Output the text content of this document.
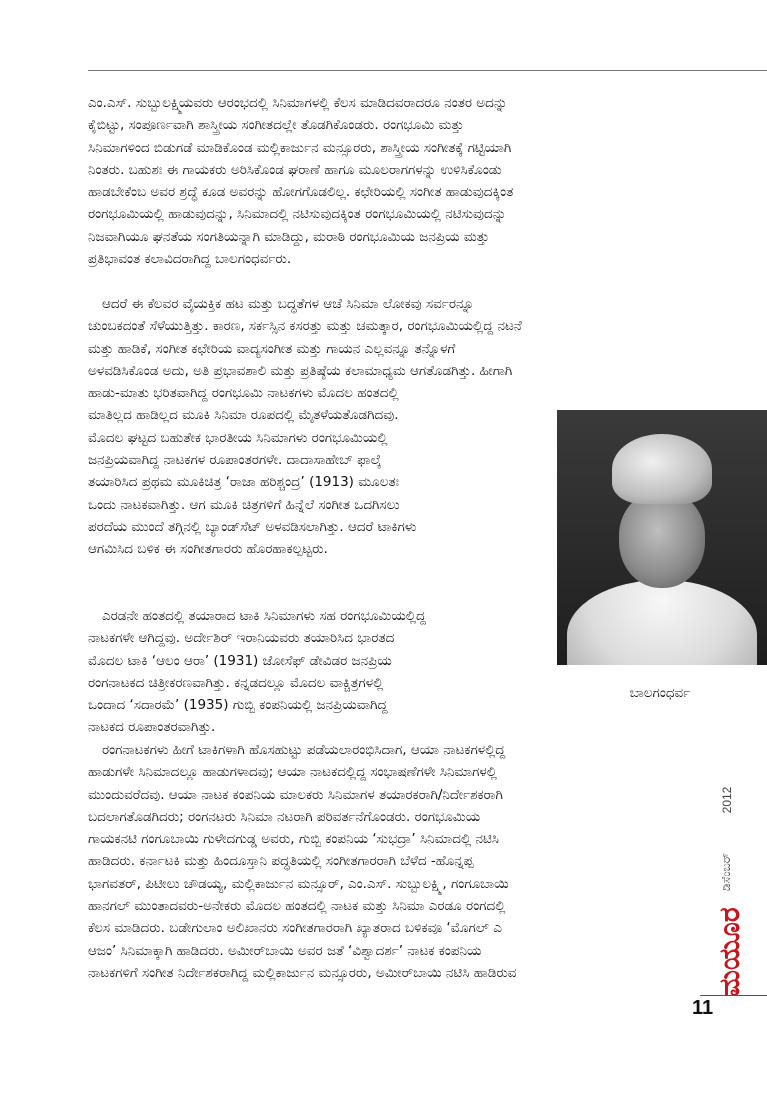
ಎಂ.ಎಸ್. ಸುಬ್ಬುಲಕ್ಷ್ಮಿಯವರು ಆರಂಭದಲ್ಲಿ ಸಿನಿಮಾಗಳಲ್ಲಿ ಕೆಲಸ ಮಾಡಿದವರಾದರೂ ನಂತರ ಅದನ್ನು
ಕೈಬಿಟ್ಟು, ಸಂಪೂರ್ಣವಾಗಿ ಶಾಸ್ತ್ರೀಯ ಸಂಗೀತದಲ್ಲೇ ತೊಡಗಿಕೊಂಡರು. ರಂಗಭೂಮಿ ಮತ್ತು
ಸಿನಿಮಾಗಳಿಂದ ಬಿಡುಗಡೆ ಮಾಡಿಕೊಂಡ ಮಲ್ಲಿಕಾರ್ಜುನ ಮನ್ಸೂರರು, ಶಾಸ್ತ್ರೀಯ ಸಂಗೀತಕ್ಕೆ ಗಟ್ಟಿಯಾಗಿ
ನಿಂತರು. ಬಹುಶಃ ಈ ಗಾಯಕರು ಅರಿಸಿಕೊಂಡ ಘರಾಣೆ ಹಾಗೂ ಮೂಲರಾಗಗಳನ್ನು ಉಳಿಸಿಕೊಂಡು
ಹಾಡಬೇಕೆಂಬ ಅವರ ಶ್ರದ್ಧೆ ಕೂಡ ಅವರನ್ನು ಹೋಗಗೊಡಲಿಲ್ಲ. ಕಛೇರಿಯಲ್ಲಿ ಸಂಗೀತ ಹಾಡುವುದಕ್ಕಿಂತ
ರಂಗಭೂಮಿಯಲ್ಲಿ ಹಾಡುವುದನ್ನು, ಸಿನಿಮಾದಲ್ಲಿ ನಟಿಸುವುದಕ್ಕಿಂತ ರಂಗಭೂಮಿಯಲ್ಲಿ ನಟಿಸುವುದನ್ನು
ನಿಜವಾಗಿಯೂ ಘನತೆಯ ಸಂಗತಿಯನ್ನಾಗಿ ಮಾಡಿದ್ದು, ಮರಾಠಿ ರಂಗಭೂಮಿಯ ಜನಪ್ರಿಯ ಮತ್ತು
ಪ್ರತಿಭಾವಂತ ಕಲಾವಿದರಾಗಿದ್ದ ಬಾಲಗಂಧರ್ವರು.
ಆದರೆ ಈ ಕೆಲವರ ವೈಯಕ್ತಿಕ ಹಟ ಮತ್ತು ಬದ್ಧತೆಗಳ ಆಚೆ ಸಿನಿಮಾ ಲೋಕವು ಸರ್ವರನ್ನೂ
ಚುಂಬಕದಂತೆ ಸೆಳೆಯುತ್ತಿತ್ತು. ಕಾರಣ, ಸರ್ಕಸ್ಸಿನ ಕಸರತ್ತು ಮತ್ತು ಚಮತ್ಕಾರ, ರಂಗಭೂಮಿಯಲ್ಲಿದ್ದ ನಟನೆ
ಮತ್ತು ಹಾಡಿಕೆ, ಸಂಗೀತ ಕಛೇರಿಯ ವಾದ್ಯಸಂಗೀತ ಮತ್ತು ಗಾಯನ ಎಲ್ಲವನ್ನೂ ತನ್ನೊಳಗೆ
ಅಳವಡಿಸಿಕೊಂಡ ಅದು, ಅತಿ ಪ್ರಭಾವಶಾಲಿ ಮತ್ತು ಪ್ರತಿಷ್ಠೆಯ ಕಲಾಮಾಧ್ಯಮ ಆಗತೊಡಗಿತ್ತು. ಹೀಗಾಗಿ
ಹಾಡು-ಮಾತು ಭರಿತವಾಗಿದ್ದ ರಂಗಭೂಮಿ ನಾಟಕಗಳು ಮೊದಲ ಹಂತದಲ್ಲಿ
ಮಾತಿಲ್ಲದ ಹಾಡಿಲ್ಲದ ಮೂಕಿ ಸಿನಿಮಾ ರೂಪದಲ್ಲಿ ಮೈತಳೆಯತೊಡಗಿದವು.
ಮೊದಲ ಘಟ್ಟದ ಬಹುತೇಕ ಭಾರತೀಯ ಸಿನಿಮಾಗಳು ರಂಗಭೂಮಿಯಲ್ಲಿ
ಜನಪ್ರಿಯವಾಗಿದ್ದ ನಾಟಕಗಳ ರೂಪಾಂತರಗಳೇ. ದಾದಾಸಾಹೇಬ್ ಫಾಲ್ಕೆ
ತಯಾರಿಸಿದ ಪ್ರಥಮ ಮೂಕಿಚಿತ್ರ ‘ರಾಜಾ ಹರಿಶ್ಚಂದ್ರ’ (1913) ಮೂಲತಃ
ಒಂದು ನಾಟಕವಾಗಿತ್ತು. ಆಗ ಮೂಕಿ ಚಿತ್ರಗಳಿಗೆ ಹಿನ್ನೆಲೆ ಸಂಗೀತ ಒದಗಿಸಲು
ಪರದೆಯ ಮುಂದೆ ತಗ್ಗಿನಲ್ಲಿ ಬ್ಯಾಂಡ್‌ಸೆಟ್ ಅಳವಡಿಸಲಾಗಿತ್ತು. ಆದರೆ ಟಾಕಿಗಳು
ಆಗಮಿಸಿದ ಬಳಿಕ ಈ ಸಂಗೀತಗಾರರು ಹೊರಹಾಕಲ್ಪಟ್ಟರು.
ಎರಡನೇ ಹಂತದಲ್ಲಿ ತಯಾರಾದ ಟಾಕಿ ಸಿನಿಮಾಗಳು ಸಹ ರಂಗಭೂಮಿಯಲ್ಲಿದ್ದ
ನಾಟಕಗಳೇ ಆಗಿದ್ದವು. ಅರ್ದೇಶಿರ್ ಇರಾನಿಯವರು ತಯಾರಿಸಿದ ಭಾರತದ
ಮೊದಲ ಟಾಕಿ ‘ಆಲಂ ಆರಾ’ (1931) ಜೋಸೆಫ್ ಡೇವಿಡರ ಜನಪ್ರಿಯ
ರಂಗನಾಟಕದ ಚಿತ್ರೀಕರಣವಾಗಿತ್ತು. ಕನ್ನಡದಲ್ಲೂ ಮೊದಲ ವಾಕ್ಚಿತ್ರಗಳಲ್ಲಿ
ಒಂದಾದ ‘ಸದಾರಮೆ’ (1935) ಗುಬ್ಬಿ ಕಂಪನಿಯಲ್ಲಿ ಜನಪ್ರಿಯವಾಗಿದ್ದ
ನಾಟಕದ ರೂಪಾಂತರವಾಗಿತ್ತು.
ರಂಗನಾಟಕಗಳು ಹೀಗೆ ಟಾಕಿಗಳಾಗಿ ಹೊಸಹುಟ್ಟು ಪಡೆಯಲಾರಂಭಿಸಿದಾಗ, ಆಯಾ ನಾಟಕಗಳಲ್ಲಿದ್ದ
ಹಾಡುಗಳೇ ಸಿನಿಮಾದಲ್ಲೂ ಹಾಡುಗಳಾದವು; ಆಯಾ ನಾಟಕದಲ್ಲಿದ್ದ ಸಂಭಾಷಣೆಗಳೇ ಸಿನಿಮಾಗಳಲ್ಲಿ
ಮುಂದುವರೆದವು. ಆಯಾ ನಾಟಕ ಕಂಪನಿಯ ಮಾಲಕರು ಸಿನಿಮಾಗಳ ತಯಾರಕರಾಗಿ/ನಿರ್ದೇಶಕರಾಗಿ
ಬದಲಾಗತೊಡಗಿದರು; ರಂಗನಟರು ಸಿನಿಮಾ ನಟರಾಗಿ ಪರಿವರ್ತನೆಗೊಂಡರು. ರಂಗಭೂಮಿಯ
ಗಾಯಕನಟಿ ಗಂಗೂಬಾಯಿ ಗುಳೇದಗುಡ್ಡ ಅವರು, ಗುಬ್ಬಿ ಕಂಪನಿಯ ‘ಸುಭದ್ರಾ’ ಸಿನಿಮಾದಲ್ಲಿ ನಟಿಸಿ
ಹಾಡಿದರು. ಕರ್ನಾಟಕಿ ಮತ್ತು ಹಿಂದೂಸ್ತಾನಿ ಪದ್ಧತಿಯಲ್ಲಿ ಸಂಗೀತಗಾರರಾಗಿ ಬೆಳೆದ -ಹೊನ್ನಪ್ಪ
ಭಾಗವತರ್, ಪಿಟೀಲು ಚೌಡಯ್ಯ, ಮಲ್ಲಿಕಾರ್ಜುನ ಮನ್ಸೂರ್, ಎಂ.ಎಸ್. ಸುಬ್ಬುಲಕ್ಷ್ಮಿ, ಗಂಗೂಬಾಯಿ
ಹಾನಗಲ್ ಮುಂತಾದವರು-ಅನೇಕರು ಮೊದಲ ಹಂತದಲ್ಲಿ ನಾಟಕ ಮತ್ತು ಸಿನಿಮಾ ಎರಡೂ ರಂಗದಲ್ಲಿ
ಕೆಲಸ ಮಾಡಿದರು. ಬಡೇಗುಲಾಂ ಅಲಿಖಾನರು ಸಂಗೀತಗಾರರಾಗಿ ಖ್ಯಾತರಾದ ಬಳಿಕವೂ ‘ಮೊಗಲ್ ಎ
ಆಜಂ’ ಸಿನಿಮಾಕ್ಕಾಗಿ ಹಾಡಿದರು. ಅಮೀರ್‌ಬಾಯಿ ಅವರ ಜತೆ ‘ವಿಶ್ವಾದರ್ಶ’ ನಾಟಕ ಕಂಪನಿಯ
ನಾಟಕಗಳಿಗೆ ಸಂಗೀತ ನಿರ್ದೇಶಕರಾಗಿದ್ದ ಮಲ್ಲಿಕಾರ್ಜುನ ಮನ್ಸೂರರು, ಅಮೀರ್‌ಬಾಯಿ ನಟಿಸಿ ಹಾಡಿರುವ
ಬಾಲಗಂಧರ್ವ
2012
ಡಿಸೆಂಬರ್
ಮಯೂರ
11
